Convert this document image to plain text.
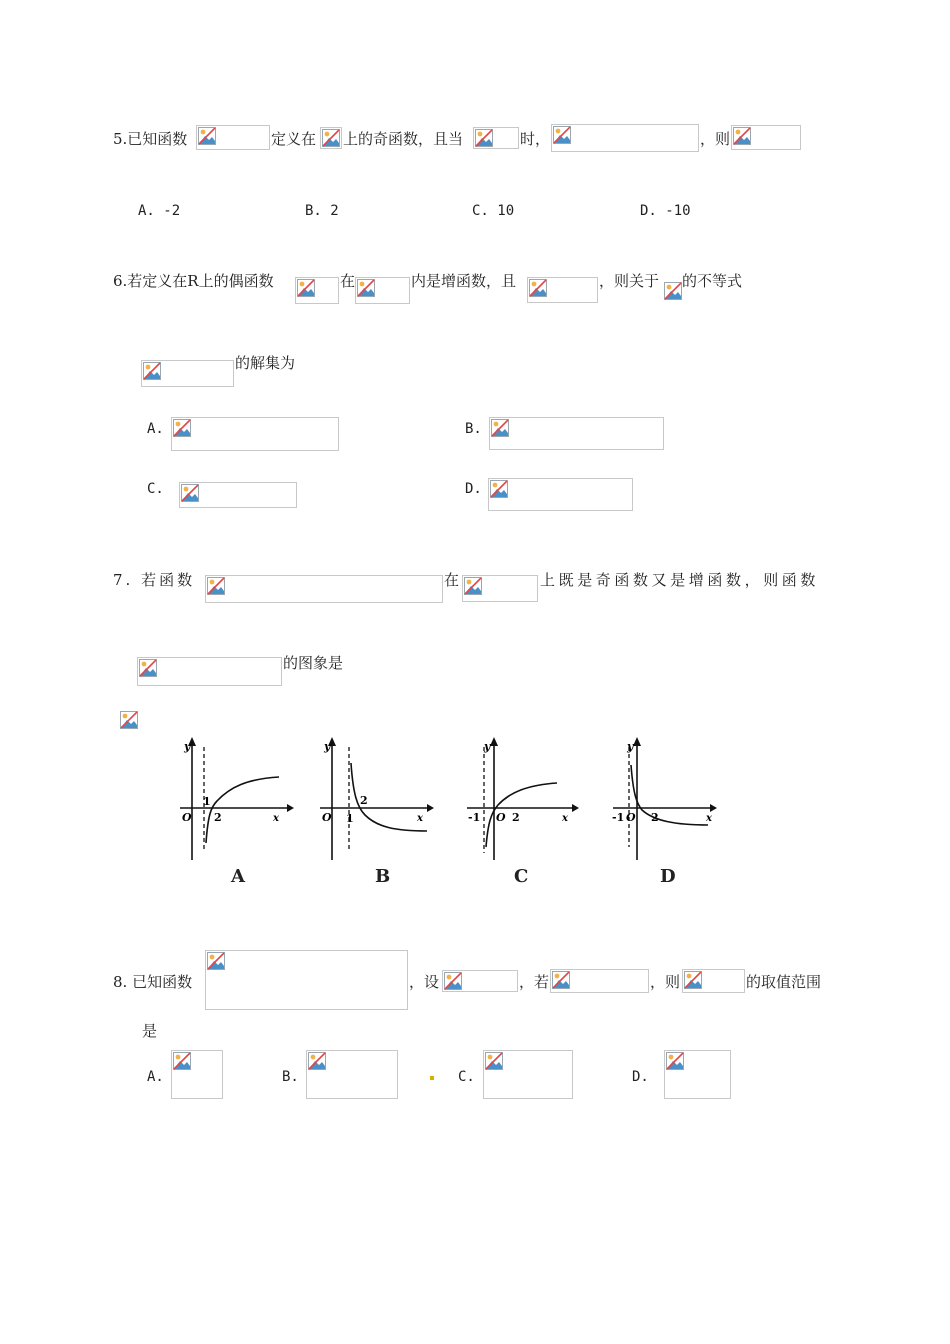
5.已知函数	定义在 上的奇函数，且当	时，	，则
A. -2	B. 2	C. 10	D. -10
6.若定义在R上的偶函数	在	内是增函数，且	，则关于 的不等式
的解集为
A.	B.
C.	D.
7. 若函数	在	上既是奇函数又是增函数，则函数
的图象是
y
x
O
1
2
A
y
x
O 1
2
B
y
x
-1 O 2
C
y
x
-1 O 2
D
8. 已知函数	，设	，若	，则	的取值范围
是
A.	B.	C.	D.
